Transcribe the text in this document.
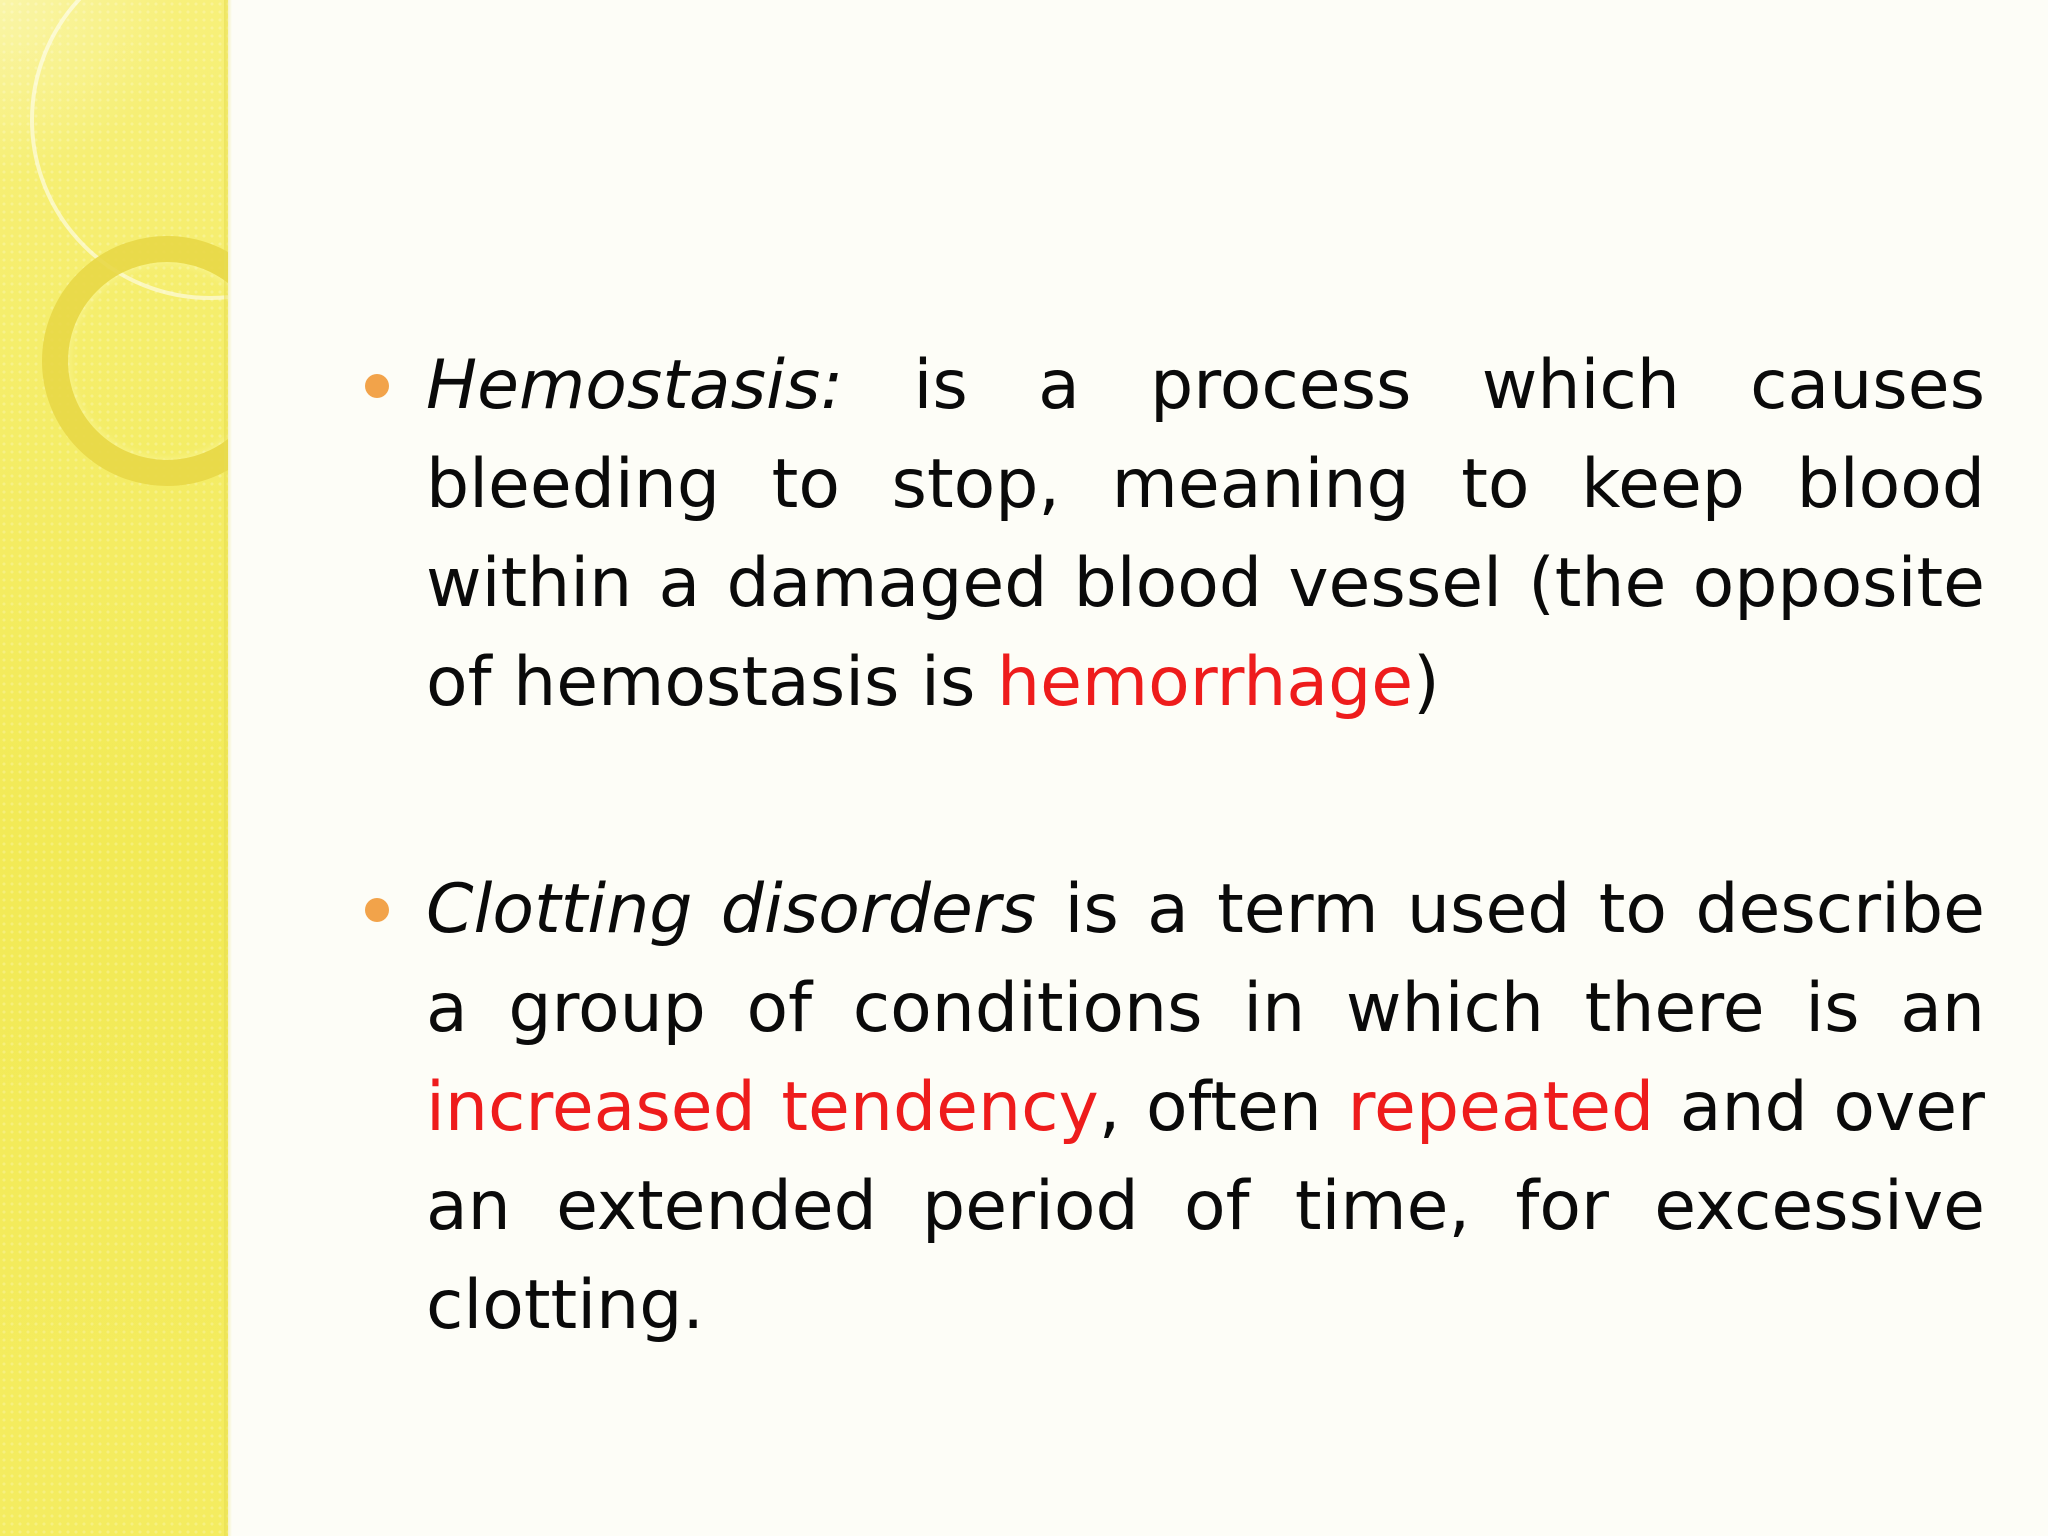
Hemostasis: is a process which causes bleeding to stop, meaning to keep blood within a damaged blood vessel (the opposite of hemostasis is hemorrhage)

Clotting disorders is a term used to describe a group of conditions in which there is an increased tendency, often repeated and over an extended period of time, for excessive clotting.
